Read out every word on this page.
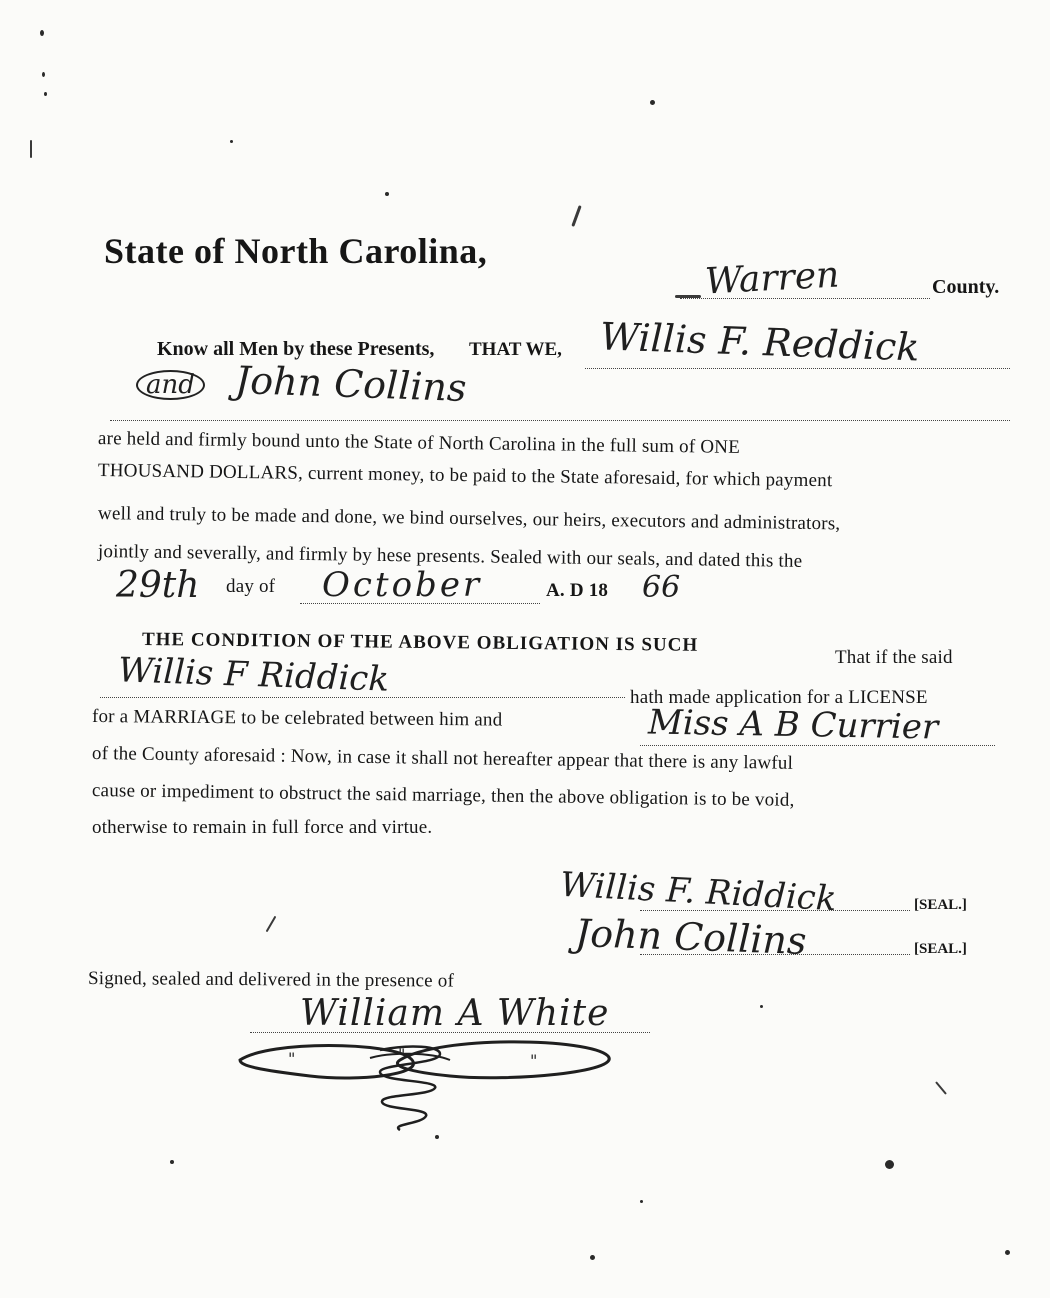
State of North Carolina,
Warren	County.
Know all Men by these Presents, THAT WE, Willis F. Reddick
and John Collins
are held and firmly bound unto the State of North Carolina in the full sum of ONE
THOUSAND DOLLARS, current money, to be paid to the State aforesaid, for which payment
well and truly to be made and done, we bind ourselves, our heirs, executors and administrators,
jointly and severally, and firmly by hese presents. Sealed with our seals, and dated this the
29th day of October	A. D 18 66
THE CONDITION OF THE ABOVE OBLIGATION IS SUCH
That if the said
Willis F Riddick	hath made application for a LICENSE
for a MARRIAGE to be celebrated between him and	Miss A B Currier
of the County aforesaid : Now, in case it shall not hereafter appear that there is any lawful
cause or impediment to obstruct the said marriage, then the above obligation is to be void,
otherwise to remain in full force and virtue.
Willis F. Riddick	[SEAL.]
John Collins	[SEAL.]
Signed, sealed and delivered in the presence of
William A White
"	"	"
